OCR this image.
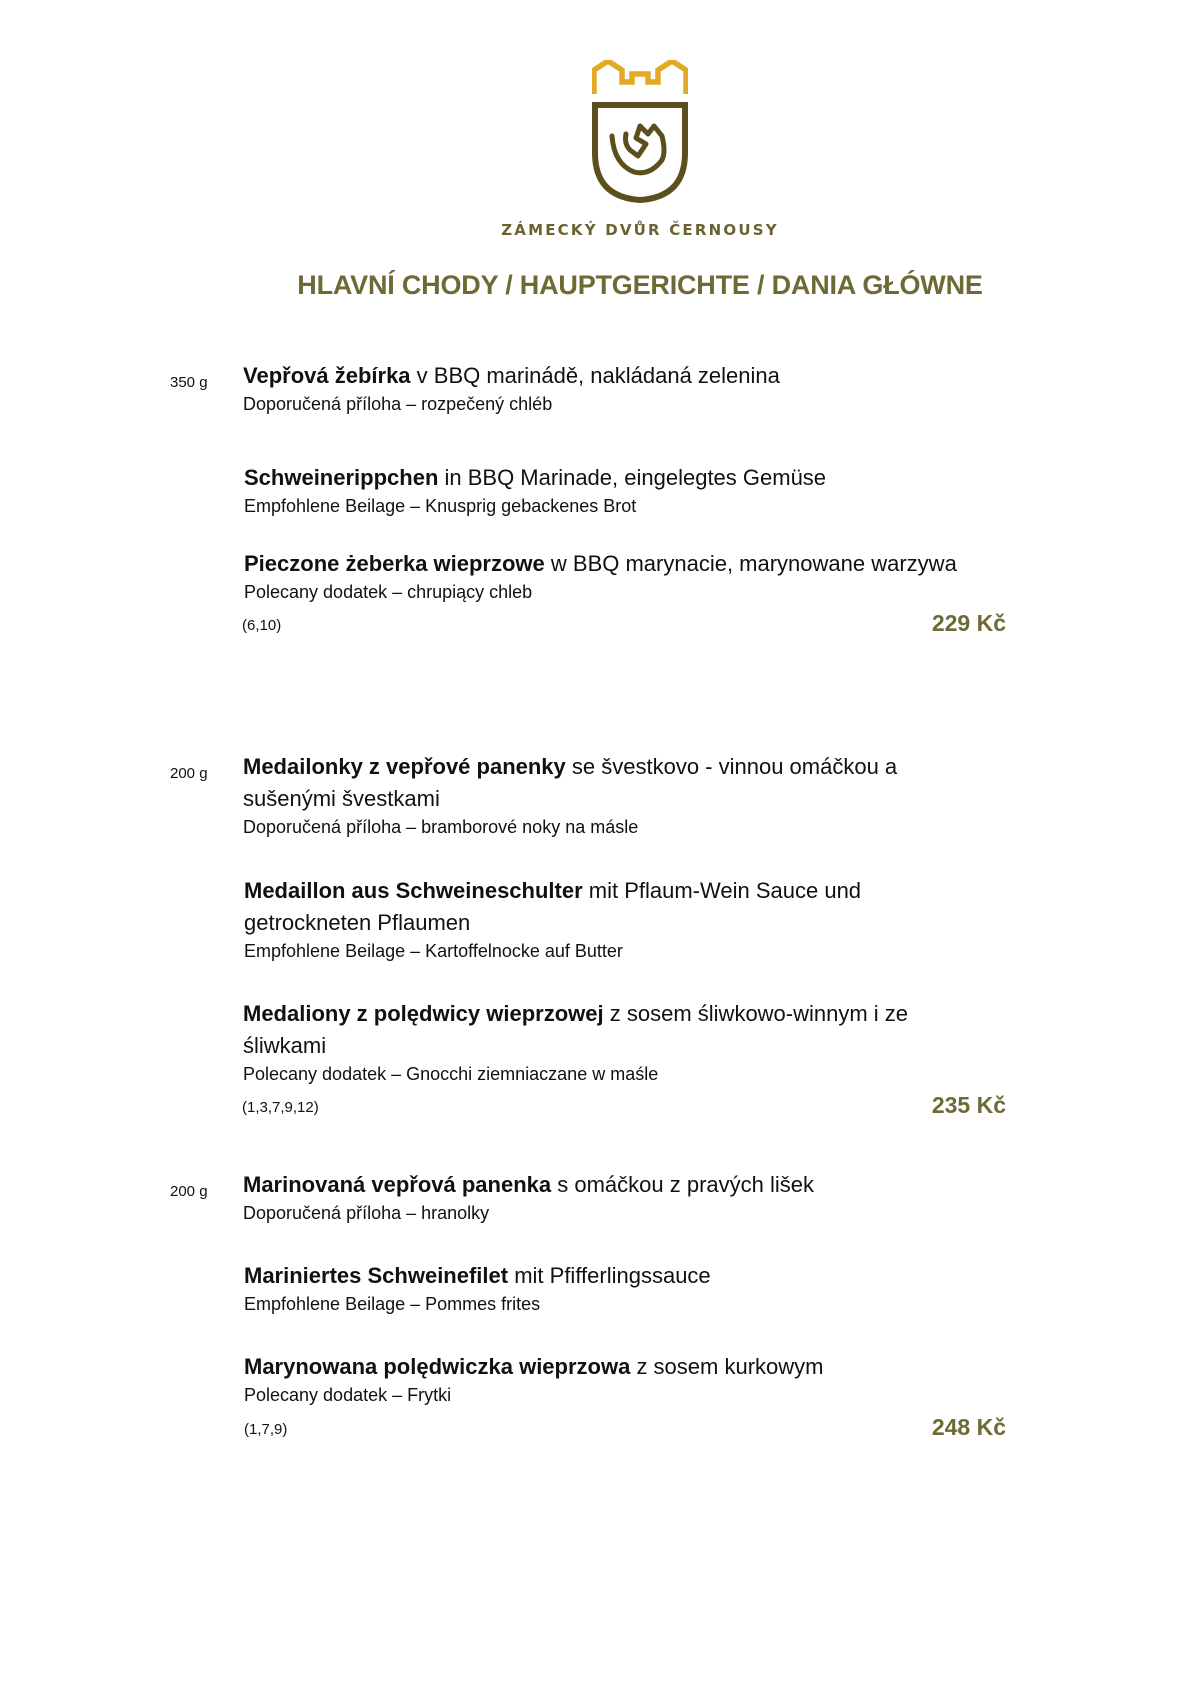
ZÁMECKÝ DVŮR ČERNOUSY
HLAVNÍ CHODY / HAUPTGERICHTE / DANIA GŁÓWNE
350 g Vepřová žebírka v BBQ marinádě, nakládaná zelenina
Doporučená příloha – rozpečený chléb
Schweinerippchen in BBQ Marinade, eingelegtes Gemüse
Empfohlene Beilage – Knusprig gebackenes Brot
Pieczone żeberka wieprzowe w BBQ marynacie, marynowane warzywa
Polecany dodatek – chrupiący chleb
(6,10)	229 Kč
200 g Medailonky z vepřové panenky se švestkovo - vinnou omáčkou a sušenými švestkami
Doporučená příloha – bramborové noky na másle
Medaillon aus Schweineschulter mit Pflaum-Wein Sauce und getrockneten Pflaumen
Empfohlene Beilage – Kartoffelnocke auf Butter
Medaliony z polędwicy wieprzowej z sosem śliwkowo-winnym i ze śliwkami
Polecany dodatek – Gnocchi ziemniaczane w maśle
(1,3,7,9,12)	235 Kč
200 g Marinovaná vepřová panenka s omáčkou z pravých lišek
Doporučená příloha – hranolky
Mariniertes Schweinefilet mit Pfifferlingssauce
Empfohlene Beilage – Pommes frites
Marynowana polędwiczka wieprzowa z sosem kurkowym
Polecany dodatek – Frytki
(1,7,9)	248 Kč
